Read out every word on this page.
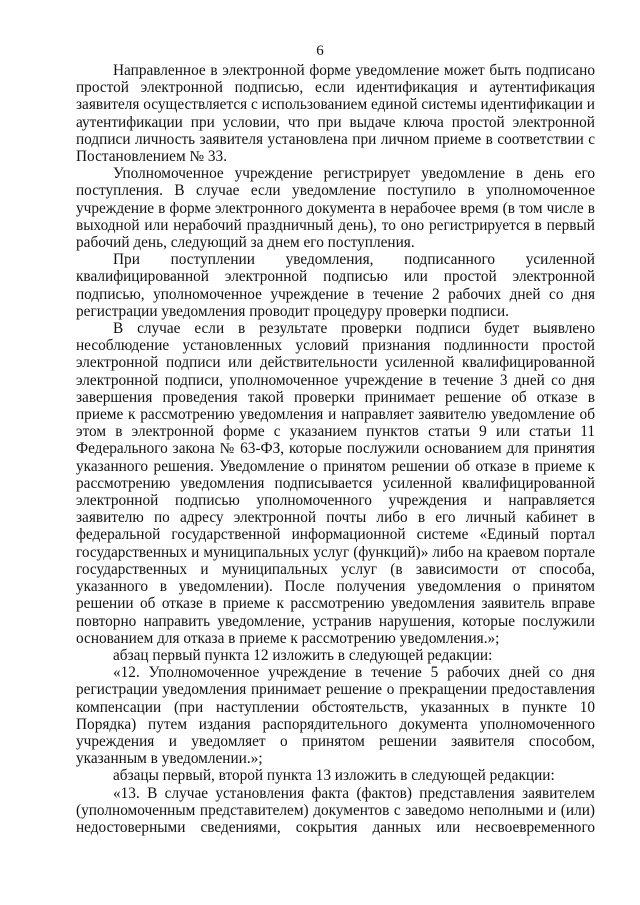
6

Направленное в электронной форме уведомление может быть подписано простой электронной подписью, если идентификация и аутентификация заявителя осуществляется с использованием единой системы идентификации и аутентификации при условии, что при выдаче ключа простой электронной подписи личность заявителя установлена при личном приеме в соответствии с Постановлением № 33.

Уполномоченное учреждение регистрирует уведомление в день его поступления. В случае если уведомление поступило в уполномоченное учреждение в форме электронного документа в нерабочее время (в том числе в выходной или нерабочий праздничный день), то оно регистрируется в первый рабочий день, следующий за днем его поступления.

При поступлении уведомления, подписанного усиленной квалифицированной электронной подписью или простой электронной подписью, уполномоченное учреждение в течение 2 рабочих дней со дня регистрации уведомления проводит процедуру проверки подписи.

В случае если в результате проверки подписи будет выявлено несоблюдение установленных условий признания подлинности простой электронной подписи или действительности усиленной квалифицированной электронной подписи, уполномоченное учреждение в течение 3 дней со дня завершения проведения такой проверки принимает решение об отказе в приеме к рассмотрению уведомления и направляет заявителю уведомление об этом в электронной форме с указанием пунктов статьи 9 или статьи 11 Федерального закона № 63-ФЗ, которые послужили основанием для принятия указанного решения. Уведомление о принятом решении об отказе в приеме к рассмотрению уведомления подписывается усиленной квалифицированной электронной подписью уполномоченного учреждения и направляется заявителю по адресу электронной почты либо в его личный кабинет в федеральной государственной информационной системе «Единый портал государственных и муниципальных услуг (функций)» либо на краевом портале государственных и муниципальных услуг (в зависимости от способа, указанного в уведомлении). После получения уведомления о принятом решении об отказе в приеме к рассмотрению уведомления заявитель вправе повторно направить уведомление, устранив нарушения, которые послужили основанием для отказа в приеме к рассмотрению уведомления.»;

абзац первый пункта 12 изложить в следующей редакции:

«12. Уполномоченное учреждение в течение 5 рабочих дней со дня регистрации уведомления принимает решение о прекращении предоставления компенсации (при наступлении обстоятельств, указанных в пункте 10 Порядка) путем издания распорядительного документа уполномоченного учреждения и уведомляет о принятом решении заявителя способом, указанным в уведомлении.»;

абзацы первый, второй пункта 13 изложить в следующей редакции:

«13. В случае установления факта (фактов) представления заявителем (уполномоченным представителем) документов с заведомо неполными и (или) недостоверными сведениями, сокрытия данных или несвоевременного
